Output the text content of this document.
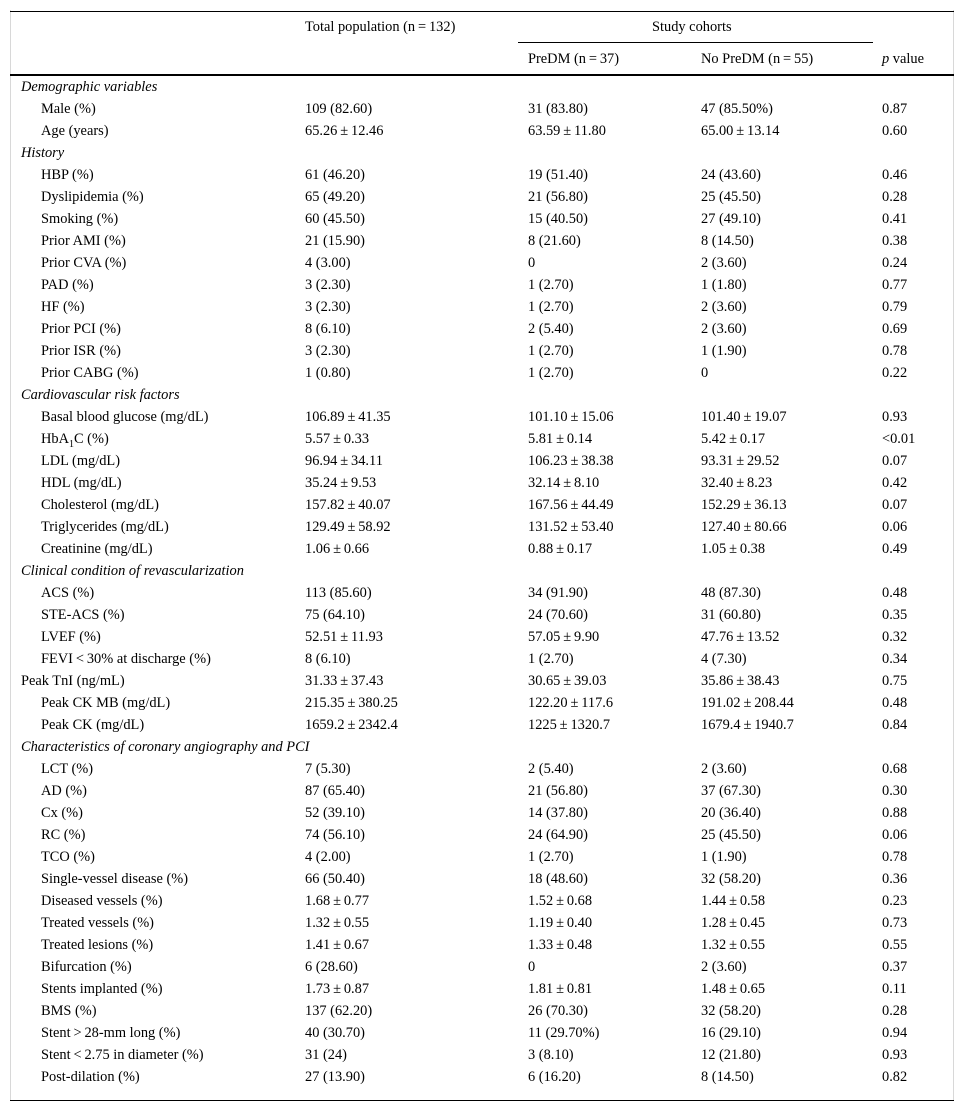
Total population (n = 132)	Study cohorts
PreDM (n = 37)	No PreDM (n = 55)	p value
Demographic variables
Male (%)	109 (82.60)	31 (83.80)	47 (85.50%)	0.87
Age (years)	65.26 ± 12.46	63.59 ± 11.80	65.00 ± 13.14	0.60
History
HBP (%)	61 (46.20)	19 (51.40)	24 (43.60)	0.46
Dyslipidemia (%)	65 (49.20)	21 (56.80)	25 (45.50)	0.28
Smoking (%)	60 (45.50)	15 (40.50)	27 (49.10)	0.41
Prior AMI (%)	21 (15.90)	8 (21.60)	8 (14.50)	0.38
Prior CVA (%)	4 (3.00)	0	2 (3.60)	0.24
PAD (%)	3 (2.30)	1 (2.70)	1 (1.80)	0.77
HF (%)	3 (2.30)	1 (2.70)	2 (3.60)	0.79
Prior PCI (%)	8 (6.10)	2 (5.40)	2 (3.60)	0.69
Prior ISR (%)	3 (2.30)	1 (2.70)	1 (1.90)	0.78
Prior CABG (%)	1 (0.80)	1 (2.70)	0	0.22
Cardiovascular risk factors
Basal blood glucose (mg/dL)	106.89 ± 41.35	101.10 ± 15.06	101.40 ± 19.07	0.93
HbA$_1$C (%)	5.57 ± 0.33	5.81 ± 0.14	5.42 ± 0.17	<0.01
LDL (mg/dL)	96.94 ± 34.11	106.23 ± 38.38	93.31 ± 29.52	0.07
HDL (mg/dL)	35.24 ± 9.53	32.14 ± 8.10	32.40 ± 8.23	0.42
Cholesterol (mg/dL)	157.82 ± 40.07	167.56 ± 44.49	152.29 ± 36.13	0.07
Triglycerides (mg/dL)	129.49 ± 58.92	131.52 ± 53.40	127.40 ± 80.66	0.06
Creatinine (mg/dL)	1.06 ± 0.66	0.88 ± 0.17	1.05 ± 0.38	0.49
Clinical condition of revascularization
ACS (%)	113 (85.60)	34 (91.90)	48 (87.30)	0.48
STE-ACS (%)	75 (64.10)	24 (70.60)	31 (60.80)	0.35
LVEF (%)	52.51 ± 11.93	57.05 ± 9.90	47.76 ± 13.52	0.32
FEVI < 30% at discharge (%)	8 (6.10)	1 (2.70)	4 (7.30)	0.34
Peak TnI (ng/mL)	31.33 ± 37.43	30.65 ± 39.03	35.86 ± 38.43	0.75
Peak CK MB (mg/dL)	215.35 ± 380.25	122.20 ± 117.6	191.02 ± 208.44	0.48
Peak CK (mg/dL)	1659.2 ± 2342.4	1225 ± 1320.7	1679.4 ± 1940.7	0.84
Characteristics of coronary angiography and PCI
LCT (%)	7 (5.30)	2 (5.40)	2 (3.60)	0.68
AD (%)	87 (65.40)	21 (56.80)	37 (67.30)	0.30
Cx (%)	52 (39.10)	14 (37.80)	20 (36.40)	0.88
RC (%)	74 (56.10)	24 (64.90)	25 (45.50)	0.06
TCO (%)	4 (2.00)	1 (2.70)	1 (1.90)	0.78
Single-vessel disease (%)	66 (50.40)	18 (48.60)	32 (58.20)	0.36
Diseased vessels (%)	1.68 ± 0.77	1.52 ± 0.68	1.44 ± 0.58	0.23
Treated vessels (%)	1.32 ± 0.55	1.19 ± 0.40	1.28 ± 0.45	0.73
Treated lesions (%)	1.41 ± 0.67	1.33 ± 0.48	1.32 ± 0.55	0.55
Bifurcation (%)	6 (28.60)	0	2 (3.60)	0.37
Stents implanted (%)	1.73 ± 0.87	1.81 ± 0.81	1.48 ± 0.65	0.11
BMS (%)	137 (62.20)	26 (70.30)	32 (58.20)	0.28
Stent > 28-mm long (%)	40 (30.70)	11 (29.70%)	16 (29.10)	0.94
Stent < 2.75 in diameter (%)	31 (24)	3 (8.10)	12 (21.80)	0.93
Post-dilation (%)	27 (13.90)	6 (16.20)	8 (14.50)	0.82
